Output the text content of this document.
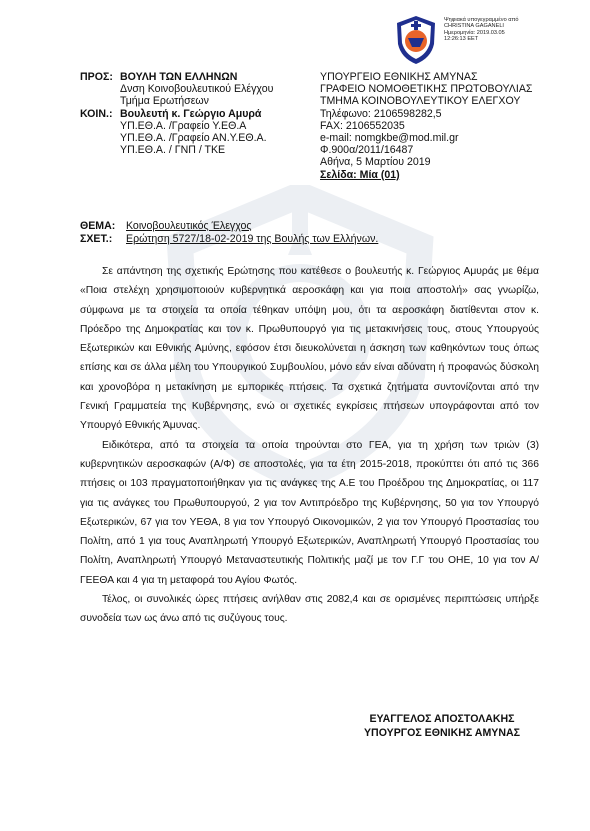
Ψηφιακά υπογεγραμμένο από
CHRISTINA GAGANELI
Ημερομηνία: 2019.03.05
12:26:13 EET
ΠΡΟΣ: ΒΟΥΛΗ ΤΩΝ ΕΛΛΗΝΩΝ
Δνση Κοινοβουλευτικού Ελέγχου
Τμήμα Ερωτήσεων
Βουλευτή κ. Γεώργιο Αμυρά
ΥΠ.ΕΘ.Α. /Γραφείο Υ.ΕΘ.Α
ΥΠ.ΕΘ.Α. /Γραφείο ΑΝ.Υ.ΕΘ.Α.
ΥΠ.ΕΘ.Α. / ΓΝΠ / ΤΚΕ
ΚΟΙΝ.:
ΥΠΟΥΡΓΕΙΟ ΕΘΝΙΚΗΣ ΑΜΥΝΑΣ
ΓΡΑΦΕΙΟ ΝΟΜΟΘΕΤΙΚΗΣ ΠΡΩΤΟΒΟΥΛΙΑΣ
ΤΜΗΜΑ ΚΟΙΝΟΒΟΥΛΕΥΤΙΚΟΥ ΕΛΕΓΧΟΥ
Τηλέφωνο: 2106598282,5
FAX: 2106552035
e-mail: nomgkbe@mod.mil.gr
Φ.900α/2011/16487
Αθήνα, 5 Μαρτίου 2019
Σελίδα: Μία (01)
ΘΕΜΑ: Κοινοβουλευτικός Έλεγχος
ΣΧΕΤ.: Ερώτηση 5727/18-02-2019 της Βουλής των Ελλήνων.

Σε απάντηση της σχετικής Ερώτησης που κατέθεσε ο βουλευτής κ. Γεώργιος Αμυράς με θέμα «Ποια στελέχη χρησιμοποιούν κυβερνητικά αεροσκάφη και για ποια αποστολή» σας γνωρίζω, σύμφωνα με τα στοιχεία τα οποία τέθηκαν υπόψη μου, ότι τα αεροσκάφη διατίθενται στον κ. Πρόεδρο της Δημοκρατίας και τον κ. Πρωθυπουργό για τις μετακινήσεις τους, στους Υπουργούς Εξωτερικών και Εθνικής Αμύνης, εφόσον έτσι διευκολύνεται η άσκηση των καθηκόντων τους όπως επίσης και σε άλλα μέλη του Υπουργικού Συμβουλίου, μόνο εάν είναι αδύνατη ή προφανώς δύσκολη και χρονοβόρα η μετακίνηση με εμπορικές πτήσεις. Τα σχετικά ζητήματα συντονίζονται από την Γενική Γραμματεία της Κυβέρνησης, ενώ οι σχετικές εγκρίσεις πτήσεων υπογράφονται από τον Υπουργό Εθνικής Άμυνας.

Ειδικότερα, από τα στοιχεία τα οποία τηρούνται στο ΓΕΑ, για τη χρήση των τριών (3) κυβερνητικών αεροσκαφών (Α/Φ) σε αποστολές, για τα έτη 2015-2018, προκύπτει ότι από τις 366 πτήσεις οι 103 πραγματοποιήθηκαν για τις ανάγκες της Α.Ε του Προέδρου της Δημοκρατίας, οι 117 για τις ανάγκες του Πρωθυπουργού, 2 για τον Αντιπρόεδρο της Κυβέρνησης, 50 για τον Υπουργό Εξωτερικών, 67 για τον ΥΕΘΑ, 8 για τον Υπουργό Οικονομικών, 2 για τον Υπουργό Προστασίας του Πολίτη, από 1 για τους Αναπληρωτή Υπουργό Εξωτερικών, Αναπληρωτή Υπουργό Προστασίας του Πολίτη, Αναπληρωτή Υπουργό Μεταναστευτικής Πολιτικής μαζί με τον Γ.Γ του ΟΗΕ, 10 για τον Α/ΓΕΕΘΑ και 4 για τη μεταφορά του Αγίου Φωτός.

Τέλος, οι συνολικές ώρες πτήσεις ανήλθαν στις 2082,4 και σε ορισμένες περιπτώσεις υπήρξε συνοδεία των ως άνω από τις συζύγους τους.

ΕΥΑΓΓΕΛΟΣ ΑΠΟΣΤΟΛΑΚΗΣ
ΥΠΟΥΡΓΟΣ ΕΘΝΙΚΗΣ ΑΜΥΝΑΣ
